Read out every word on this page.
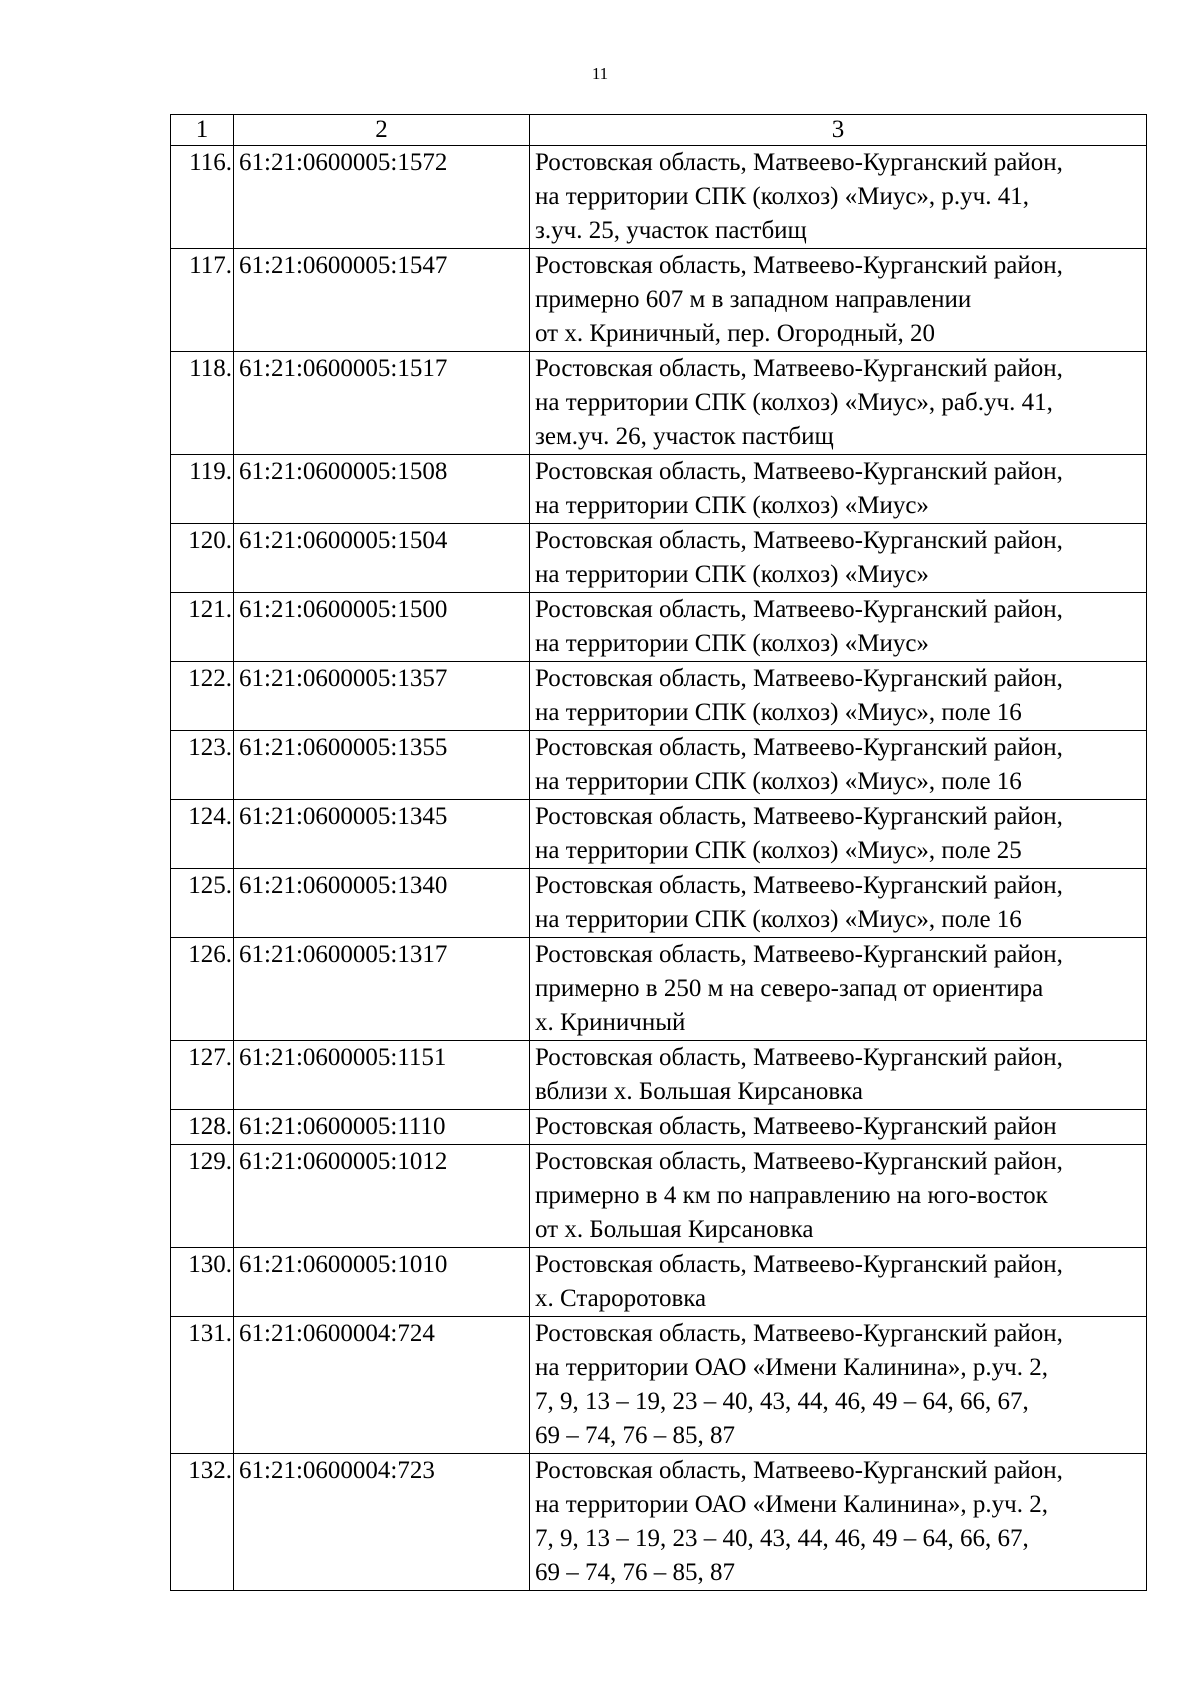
11
1	2	3
116.	61:21:0600005:1572	Ростовская область, Матвеево-Курганский район,
на территории СПК (колхоз) «Миус», р.уч. 41,
з.уч. 25, участок пастбищ

117.	61:21:0600005:1547	Ростовская область, Матвеево-Курганский район,
примерно 607 м в западном направлении
от х. Криничный, пер. Огородный, 20

118.	61:21:0600005:1517	Ростовская область, Матвеево-Курганский район,
на территории СПК (колхоз) «Миус», раб.уч. 41,
зем.уч. 26, участок пастбищ

119.	61:21:0600005:1508	Ростовская область, Матвеево-Курганский район,
на территории СПК (колхоз) «Миус»

120.	61:21:0600005:1504	Ростовская область, Матвеево-Курганский район,
на территории СПК (колхоз) «Миус»

121.	61:21:0600005:1500	Ростовская область, Матвеево-Курганский район,
на территории СПК (колхоз) «Миус»

122.	61:21:0600005:1357	Ростовская область, Матвеево-Курганский район,
на территории СПК (колхоз) «Миус», поле 16

123.	61:21:0600005:1355	Ростовская область, Матвеево-Курганский район,
на территории СПК (колхоз) «Миус», поле 16

124.	61:21:0600005:1345	Ростовская область, Матвеево-Курганский район,
на территории СПК (колхоз) «Миус», поле 25

125.	61:21:0600005:1340	Ростовская область, Матвеево-Курганский район,
на территории СПК (колхоз) «Миус», поле 16

126.	61:21:0600005:1317	Ростовская область, Матвеево-Курганский район,
примерно в 250 м на северо-запад от ориентира
х. Криничный

127.	61:21:0600005:1151	Ростовская область, Матвеево-Курганский район,
вблизи х. Большая Кирсановка

128.	61:21:0600005:1110	Ростовская область, Матвеево-Курганский район

129.	61:21:0600005:1012	Ростовская область, Матвеево-Курганский район,
примерно в 4 км по направлению на юго-восток
от х. Большая Кирсановка

130.	61:21:0600005:1010	Ростовская область, Матвеево-Курганский район,
х. Староротовка

131.	61:21:0600004:724	Ростовская область, Матвеево-Курганский район,
на территории ОАО «Имени Калинина», р.уч. 2,
7, 9, 13 – 19, 23 – 40, 43, 44, 46, 49 – 64, 66, 67,
69 – 74, 76 – 85, 87

132.	61:21:0600004:723	Ростовская область, Матвеево-Курганский район,
на территории ОАО «Имени Калинина», р.уч. 2,
7, 9, 13 – 19, 23 – 40, 43, 44, 46, 49 – 64, 66, 67,
69 – 74, 76 – 85, 87
